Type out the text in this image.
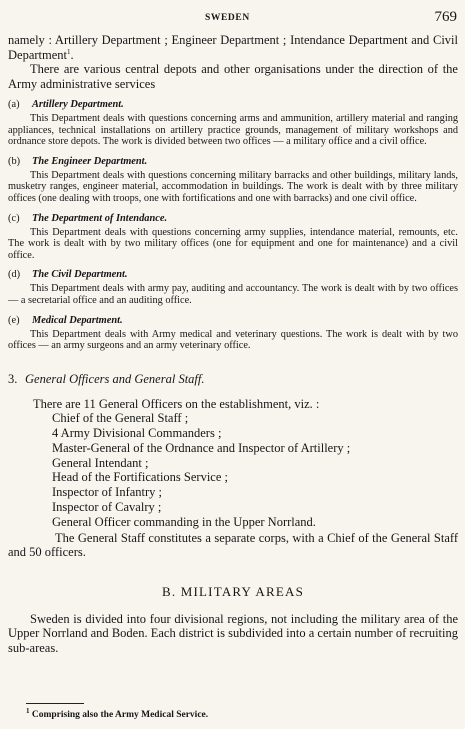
SWEDEN	769

namely : Artillery Department ; Engineer Department ; Intendance Department and Civil Department$^1$.

There are various central depots and other organisations under the direction of the Army administrative services

(a) Artillery Department.

This Department deals with questions concerning arms and ammunition, artillery material and ranging appliances, technical installations on artillery practice grounds, management of military workshops and ordnance store depots. The work is divided between two offices — a military office and a civil office.

(b) The Engineer Department.

This Department deals with questions concerning military barracks and other buildings, military lands, musketry ranges, engineer material, accommodation in buildings. The work is dealt with by three military offices (one dealing with troops, one with fortifications and one with barracks) and one civil office.

(c) The Department of Intendance.

This Department deals with questions concerning army supplies, intendance material, remounts, etc. The work is dealt with by two military offices (one for equipment and one for maintenance) and a civil office.

(d) The Civil Department.

This Department deals with army pay, auditing and accountancy. The work is dealt with by two offices — a secretarial office and an auditing office.

(e) Medical Department.

This Department deals with Army medical and veterinary questions. The work is dealt with by two offices — an army surgeons and an army veterinary office.

3. General Officers and General Staff.

There are 11 General Officers on the establishment, viz. :

Chief of the General Staff ;
4 Army Divisional Commanders ;
Master-General of the Ordnance and Inspector of Artillery ;
General Intendant ;
Head of the Fortifications Service ;
Inspector of Infantry ;
Inspector of Cavalry ;
General Officer commanding in the Upper Norrland.

The General Staff constitutes a separate corps, with a Chief of the General Staff and 50 officers.

B. MILITARY AREAS

Sweden is divided into four divisional regions, not including the military area of the Upper Norrland and Boden. Each district is subdivided into a certain number of recruiting sub-areas.

$^1$ Comprising also the Army Medical Service.
